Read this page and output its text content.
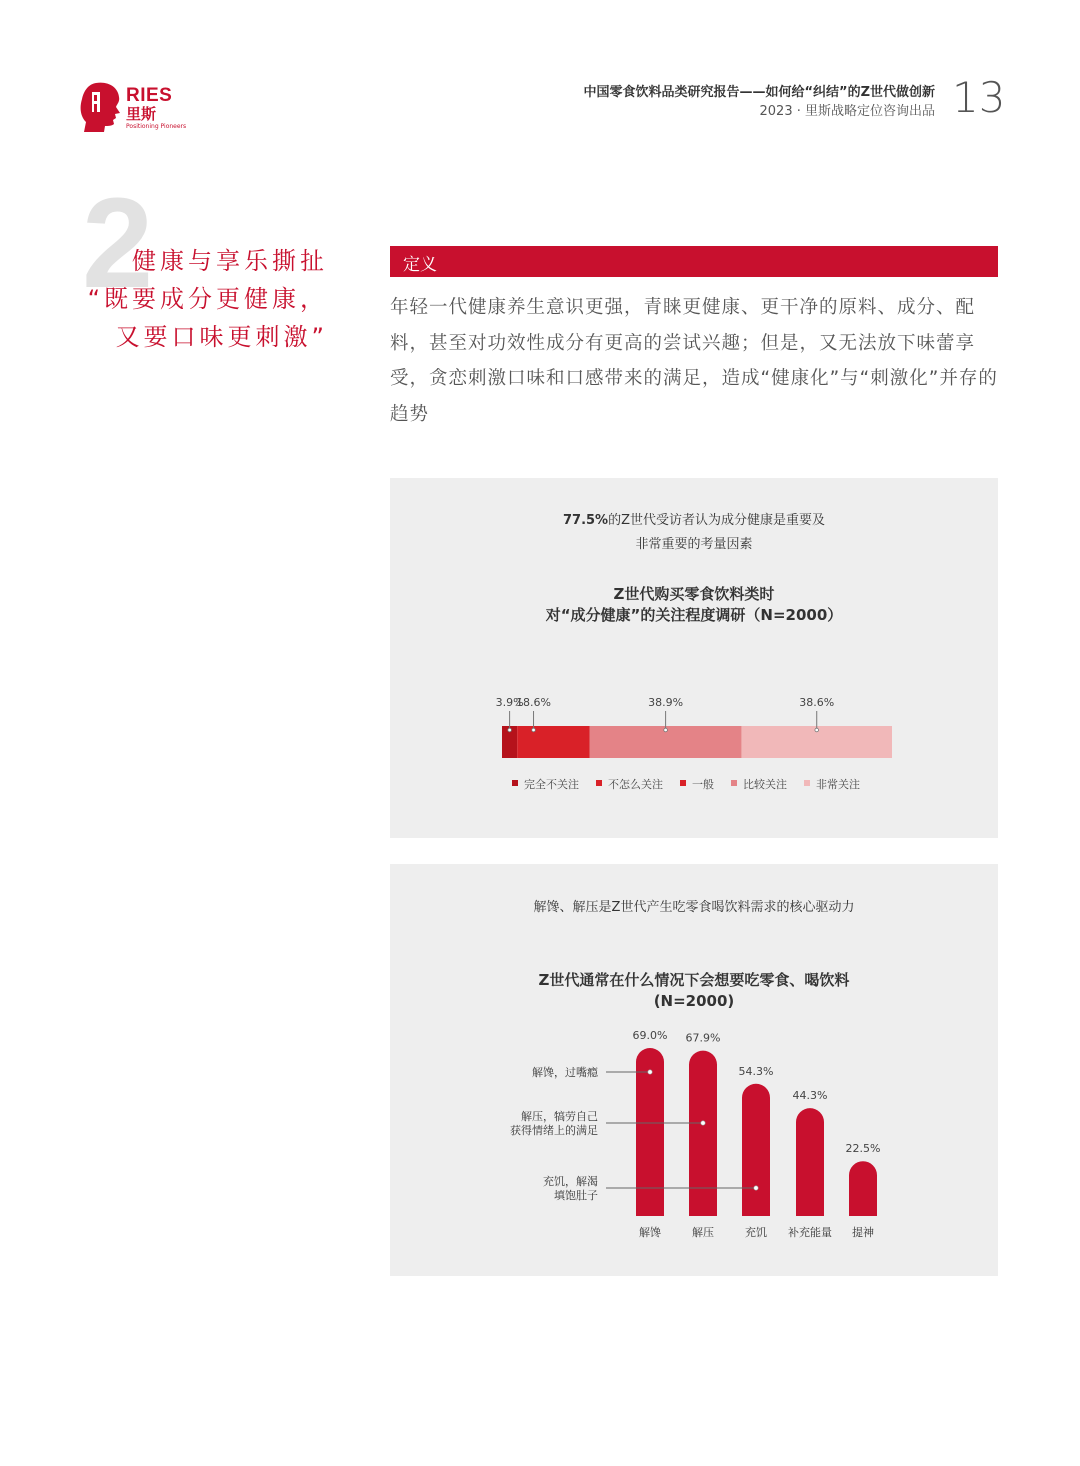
RIES
里斯
Positioning Pioneers
中国零食饮料品类研究报告——如何给“纠结”的Z世代做创新
2023 · 里斯战略定位咨询出品 13
2
健康与享乐撕扯
“既要成分更健康，
又要口味更刺激”
定义
年轻一代健康养生意识更强，青睐更健康、更干净的原料、成分、配料，甚至对功效性成分有更高的尝试兴趣；但是，又无法放下味蕾享受，贪恋刺激口味和口感带来的满足，造成“健康化”与“刺激化”并存的趋势
77.5%的Z世代受访者认为成分健康是重要及
非常重要的考量因素
Z世代购买零食饮料类时
对“成分健康”的关注程度调研（N=2000）
3.9%
18.6%	38.9%	38.6%
完全不关注	不怎么关注	一般	比较关注	非常关注
解馋、解压是Z世代产生吃零食喝饮料需求的核心驱动力
Z世代通常在什么情况下会想要吃零食、喝饮料
(N=2000)
69.0%
解馋
67.9%
解压
54.3%
充饥
44.3%
补充能量
22.5%
提神
解馋，过嘴瘾
解压，犒劳自己
获得情绪上的满足
充饥，解渴
填饱肚子
